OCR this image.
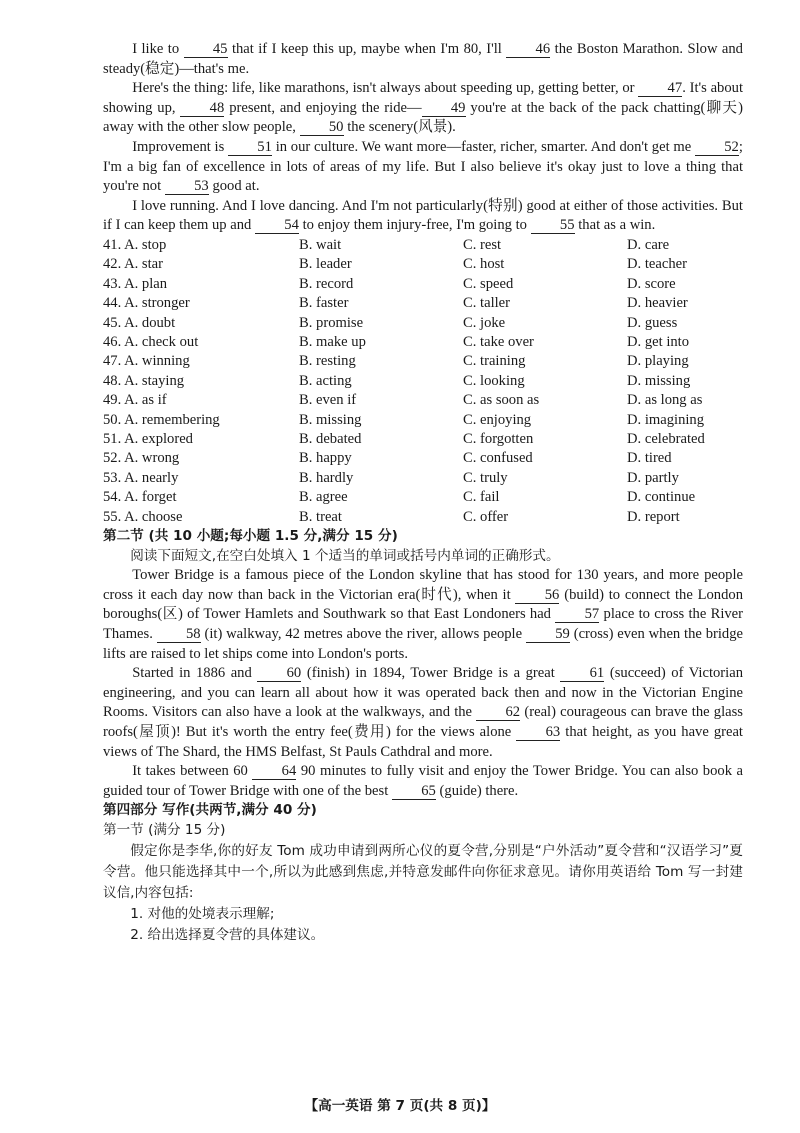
I like to 45 that if I keep this up, maybe when I'm 80, I'll 46 the Boston Marathon. Slow and steady(稳定)—that's me.

Here's the thing: life, like marathons, isn't always about speeding up, getting better, or 47. It's about showing up, 48 present, and enjoying the ride— 49 you're at the back of the pack chatting(聊天) away with the other slow people, 50 the scenery(风景).

Improvement is 51 in our culture. We want more—faster, richer, smarter. And don't get me 52; I'm a big fan of excellence in lots of areas of my life. But I also believe it's okay just to love a thing that you're not 53 good at.

I love running. And I love dancing. And I'm not particularly(特别) good at either of those activities. But if I can keep them up and 54 to enjoy them injury-free, I'm going to 55 that as a win.

41. A. stop	B. wait	C. rest	D. care
42. A. star	B. leader	C. host	D. teacher
43. A. plan	B. record	C. speed	D. score
44. A. stronger	B. faster	C. taller	D. heavier
45. A. doubt	B. promise	C. joke	D. guess
46. A. check out	B. make up	C. take over	D. get into
47. A. winning	B. resting	C. training	D. playing
48. A. staying	B. acting	C. looking	D. missing
49. A. as if	B. even if	C. as soon as	D. as long as
50. A. remembering	B. missing	C. enjoying	D. imagining
51. A. explored	B. debated	C. forgotten	D. celebrated
52. A. wrong	B. happy	C. confused	D. tired
53. A. nearly	B. hardly	C. truly	D. partly
54. A. forget	B. agree	C. fail	D. continue
55. A. choose	B. treat	C. offer	D. report

第二节 (共 10 小题;每小题 1.5 分,满分 15 分)

阅读下面短文,在空白处填入 1 个适当的单词或括号内单词的正确形式。

Tower Bridge is a famous piece of the London skyline that has stood for 130 years, and more people cross it each day now than back in the Victorian era(时代), when it 56 (build) to connect the London boroughs(区) of Tower Hamlets and Southwark so that East Londoners had 57 place to cross the River Thames. 58 (it) walkway, 42 metres above the river, allows people 59 (cross) even when the bridge lifts are raised to let ships come into London's ports.

Started in 1886 and 60 (finish) in 1894, Tower Bridge is a great 61 (succeed) of Victorian engineering, and you can learn all about how it was operated back then and now in the Victorian Engine Rooms. Visitors can also have a look at the walkways, and the 62 (real) courageous can brave the glass roofs(屋顶)! But it's worth the entry fee(费用) for the views alone 63 that height, as you have great views of The Shard, the HMS Belfast, St Pauls Cathdral and more.

It takes between 60 64 90 minutes to fully visit and enjoy the Tower Bridge. You can also book a guided tour of Tower Bridge with one of the best 65 (guide) there.

第四部分 写作(共两节,满分 40 分)

第一节 (满分 15 分)

假定你是李华,你的好友 Tom 成功申请到两所心仪的夏令营,分别是“户外活动”夏令营和“汉语学习”夏令营。他只能选择其中一个,所以为此感到焦虑,并特意发邮件向你征求意见。请你用英语给 Tom 写一封建议信,内容包括:

1. 对他的处境表示理解;

2. 给出选择夏令营的具体建议。

【高一英语 第 7 页(共 8 页)】
